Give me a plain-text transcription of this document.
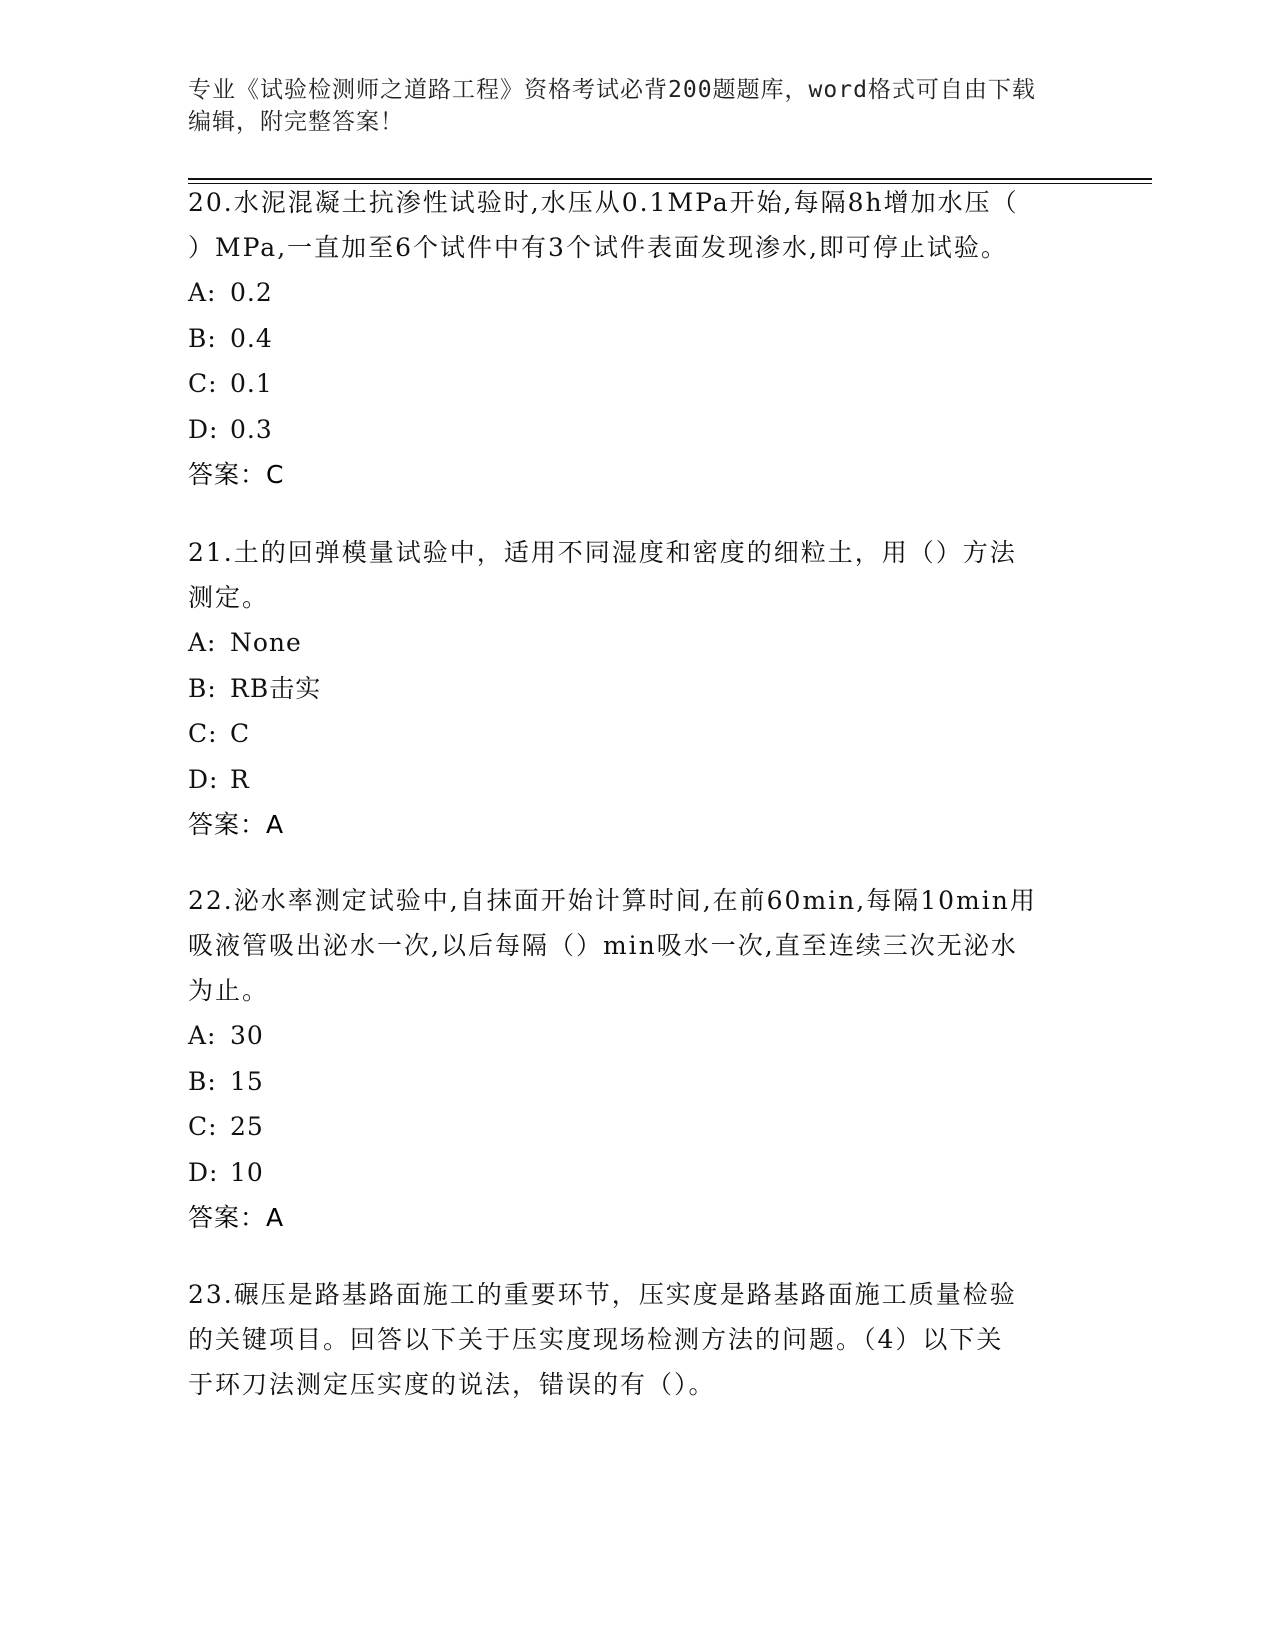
专业《试验检测师之道路工程》资格考试必背200题题库，word格式可自由下载
编辑，附完整答案！

20.水泥混凝土抗渗性试验时,水压从0.1MPa开始,每隔8h增加水压（

）MPa,一直加至6个试件中有3个试件表面发现渗水,即可停止试验。

A: 0.2

B: 0.4

C: 0.1

D: 0.3

答案：C

21.土的回弹模量试验中，适用不同湿度和密度的细粒土，用（）方法

测定。

A: None

B: RB击实

C: C

D: R

答案：A

22.泌水率测定试验中,自抹面开始计算时间,在前60min,每隔10min用

吸液管吸出泌水一次,以后每隔（）min吸水一次,直至连续三次无泌水

为止。

A: 30

B: 15

C: 25

D: 10

答案：A

23.碾压是路基路面施工的重要环节，压实度是路基路面施工质量检验

的关键项目。回答以下关于压实度现场检测方法的问题。（4）以下关

于环刀法测定压实度的说法，错误的有（）。
